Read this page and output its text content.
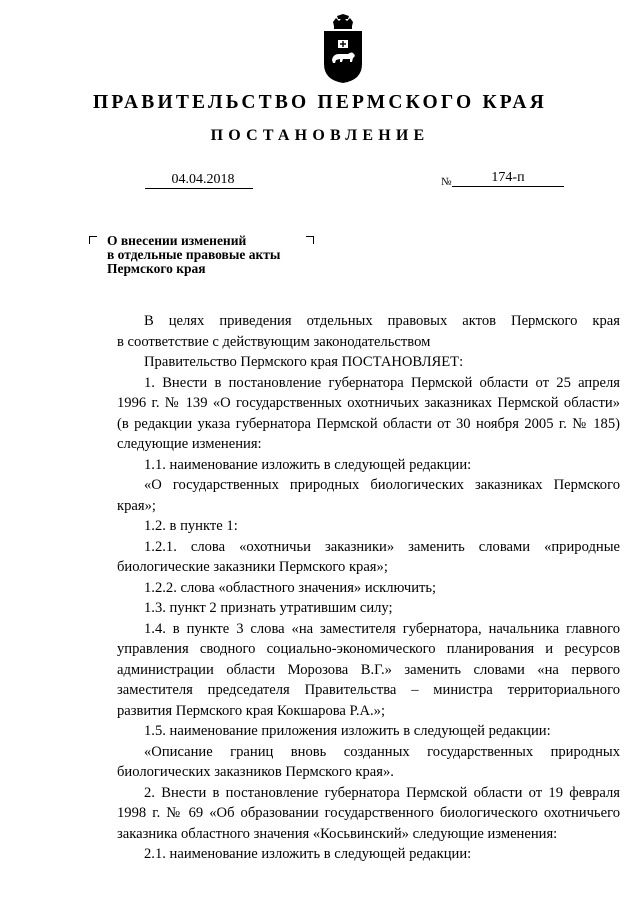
ПРАВИТЕЛЬСТВО ПЕРМСКОГО КРАЯ
ПОСТАНОВЛЕНИЕ
04.04.2018	№	174-п
О внесении изменений
в отдельные правовые акты
Пермского края
В целях приведения отдельных правовых актов Пермского края
в соответствие с действующим законодательством
Правительство Пермского края ПОСТАНОВЛЯЕТ:
1. Внести в постановление губернатора Пермской области от 25 апреля
1996 г. № 139 «О государственных охотничьих заказниках Пермской области»
(в редакции указа губернатора Пермской области от 30 ноября 2005 г. № 185)
следующие изменения:
1.1. наименование изложить в следующей редакции:
«О государственных природных биологических заказниках Пермского
края»;
1.2. в пункте 1:
1.2.1. слова «охотничьи заказники» заменить словами «природные
биологические заказники Пермского края»;
1.2.2. слова «областного значения» исключить;
1.3. пункт 2 признать утратившим силу;
1.4. в пункте 3 слова «на заместителя губернатора, начальника главного
управления сводного социально-экономического планирования и ресурсов
администрации области Морозова В.Г.» заменить словами «на первого
заместителя председателя Правительства – министра территориального
развития Пермского края Кокшарова Р.А.»;
1.5. наименование приложения изложить в следующей редакции:
«Описание границ вновь созданных государственных природных
биологических заказников Пермского края».
2. Внести в постановление губернатора Пермской области от 19 февраля
1998 г. № 69 «Об образовании государственного биологического охотничьего
заказника областного значения «Косьвинский» следующие изменения:
2.1. наименование изложить в следующей редакции:
